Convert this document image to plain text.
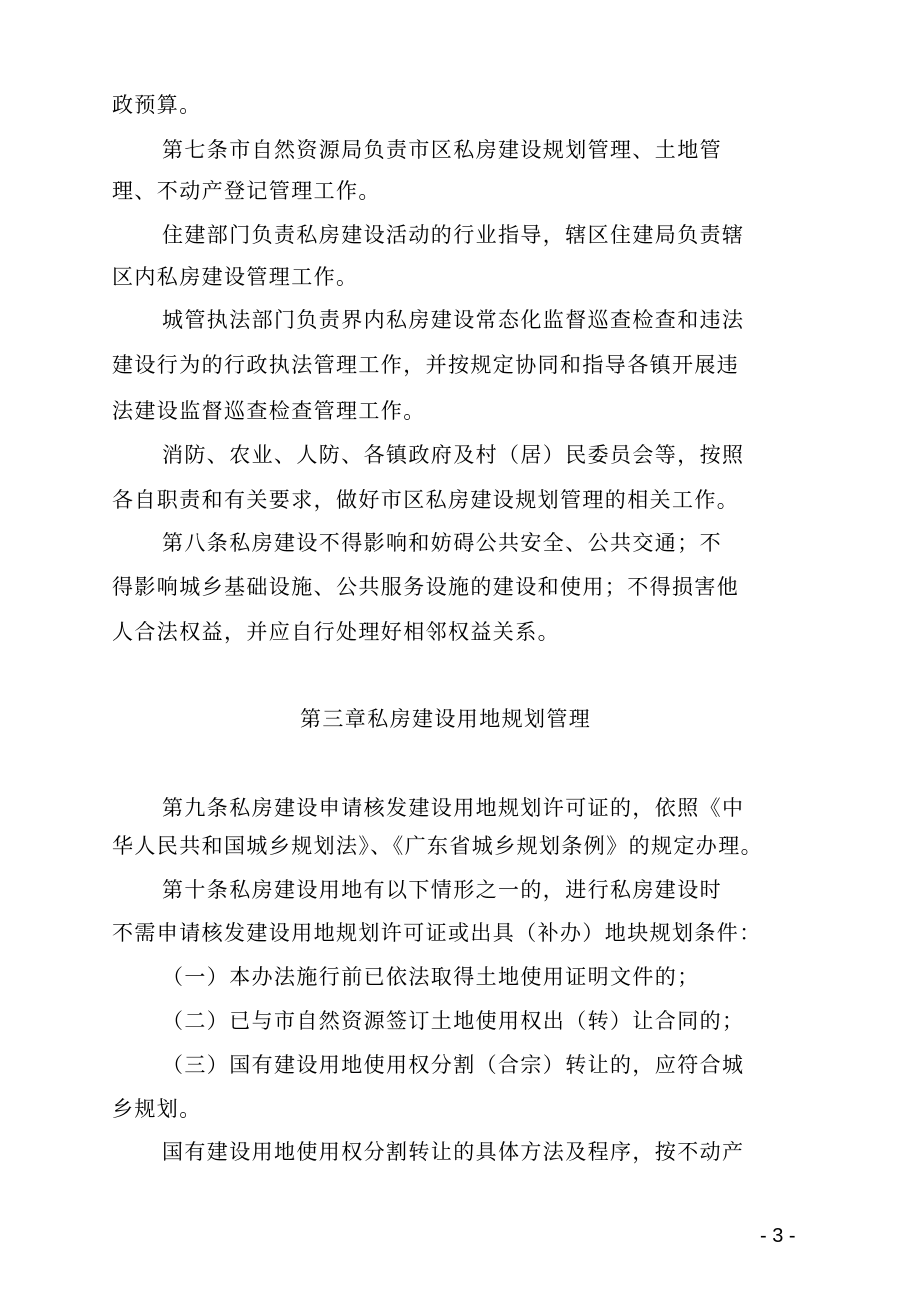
政预算。
第七条市自然资源局负责市区私房建设规划管理、土地管
理、不动产登记管理工作。
住建部门负责私房建设活动的行业指导，辖区住建局负责辖
区内私房建设管理工作。
城管执法部门负责界内私房建设常态化监督巡查检查和违法
建设行为的行政执法管理工作，并按规定协同和指导各镇开展违
法建设监督巡查检查管理工作。
消防、农业、人防、各镇政府及村（居）民委员会等，按照
各自职责和有关要求，做好市区私房建设规划管理的相关工作。
第八条私房建设不得影响和妨碍公共安全、公共交通；不
得影响城乡基础设施、公共服务设施的建设和使用；不得损害他
人合法权益，并应自行处理好相邻权益关系。
第三章私房建设用地规划管理
第九条私房建设申请核发建设用地规划许可证的，依照《中
华人民共和国城乡规划法》、《广东省城乡规划条例》的规定办理。
第十条私房建设用地有以下情形之一的，进行私房建设时
不需申请核发建设用地规划许可证或出具（补办）地块规划条件：
（一）本办法施行前已依法取得土地使用证明文件的；
（二）已与市自然资源签订土地使用权出（转）让合同的；
（三）国有建设用地使用权分割（合宗）转让的，应符合城
乡规划。
国有建设用地使用权分割转让的具体方法及程序，按不动产
- 3 -
